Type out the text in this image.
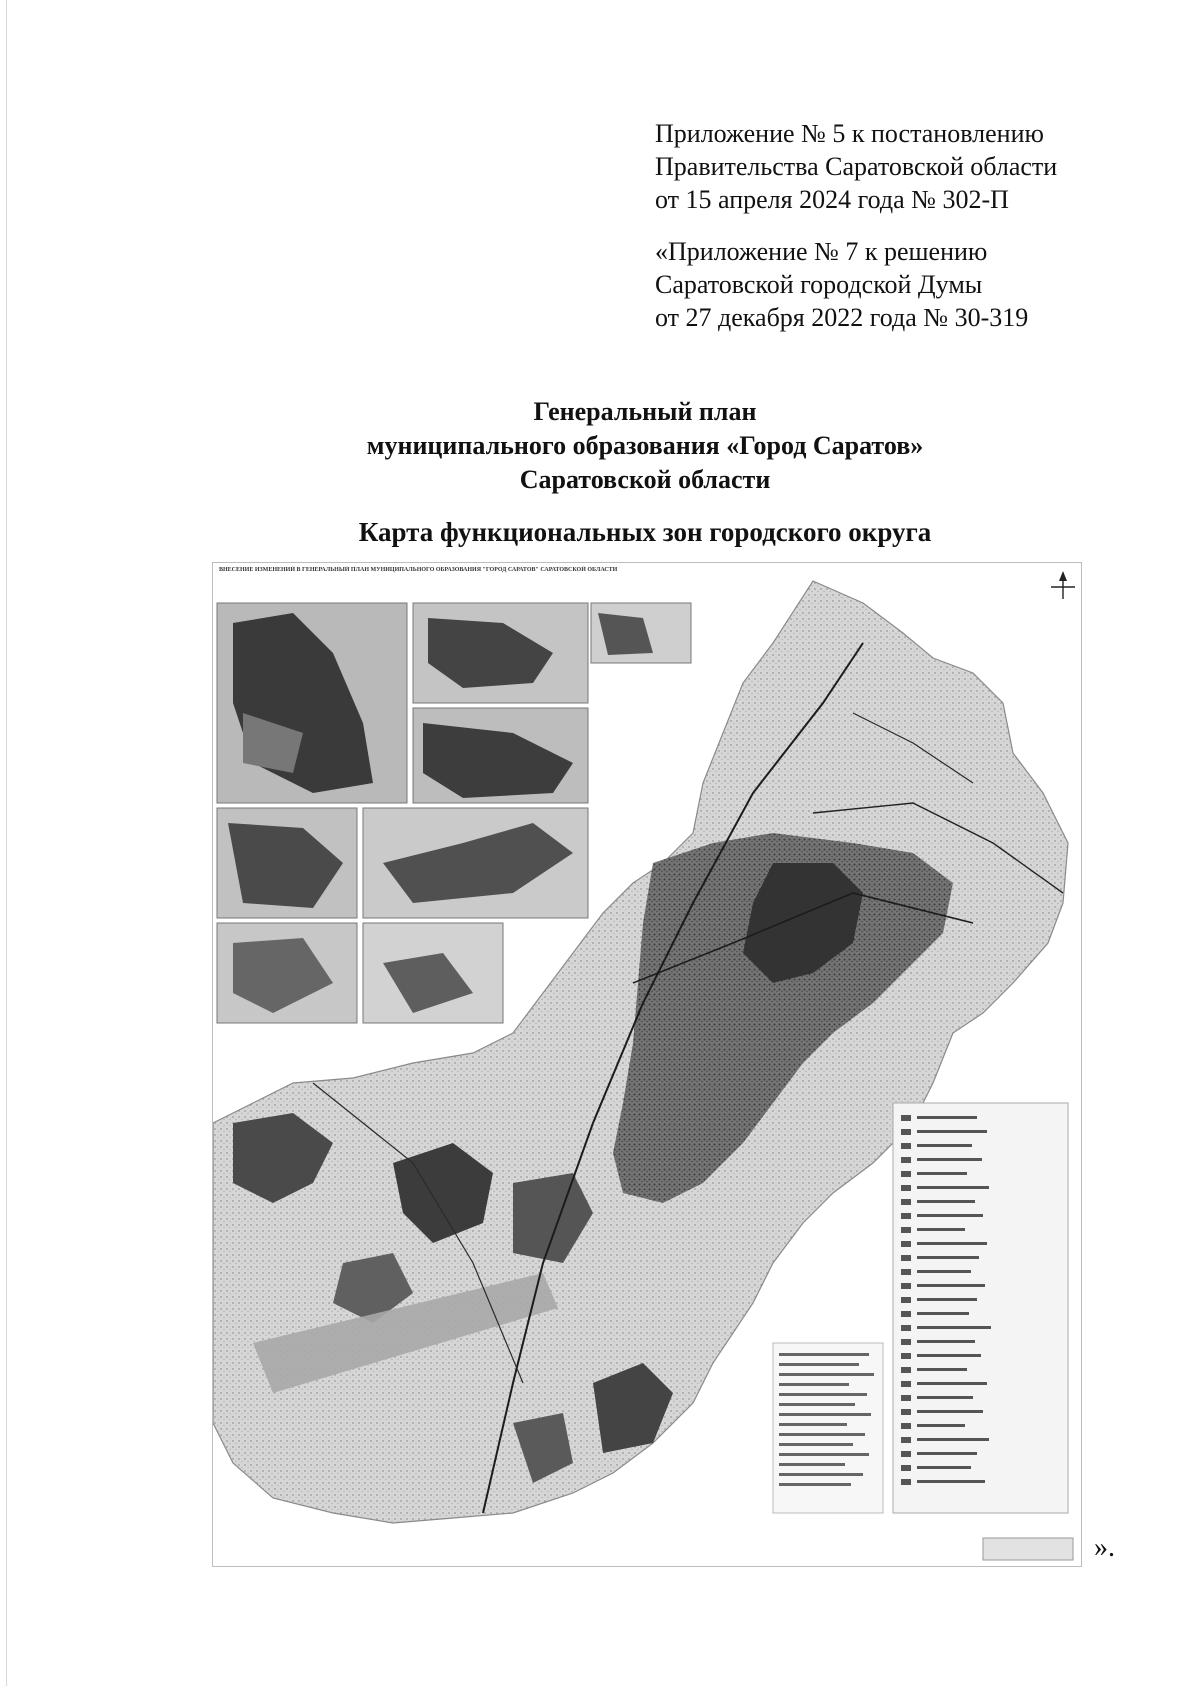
Приложение № 5 к постановлению
Правительства Саратовской области
от 15 апреля 2024 года № 302-П
«Приложение № 7 к решению
Саратовской городской Думы
от 27 декабря 2022 года № 30-319
Генеральный план
муниципального образования «Город Саратов»
Саратовской области
Карта функциональных зон городского округа
ВНЕСЕНИЕ ИЗМЕНЕНИЙ В ГЕНЕРАЛЬНЫЙ ПЛАН МУНИЦИПАЛЬНОГО ОБРАЗОВАНИЯ "ГОРОД САРАТОВ" САРАТОВСКОЙ ОБЛАСТИ
».
